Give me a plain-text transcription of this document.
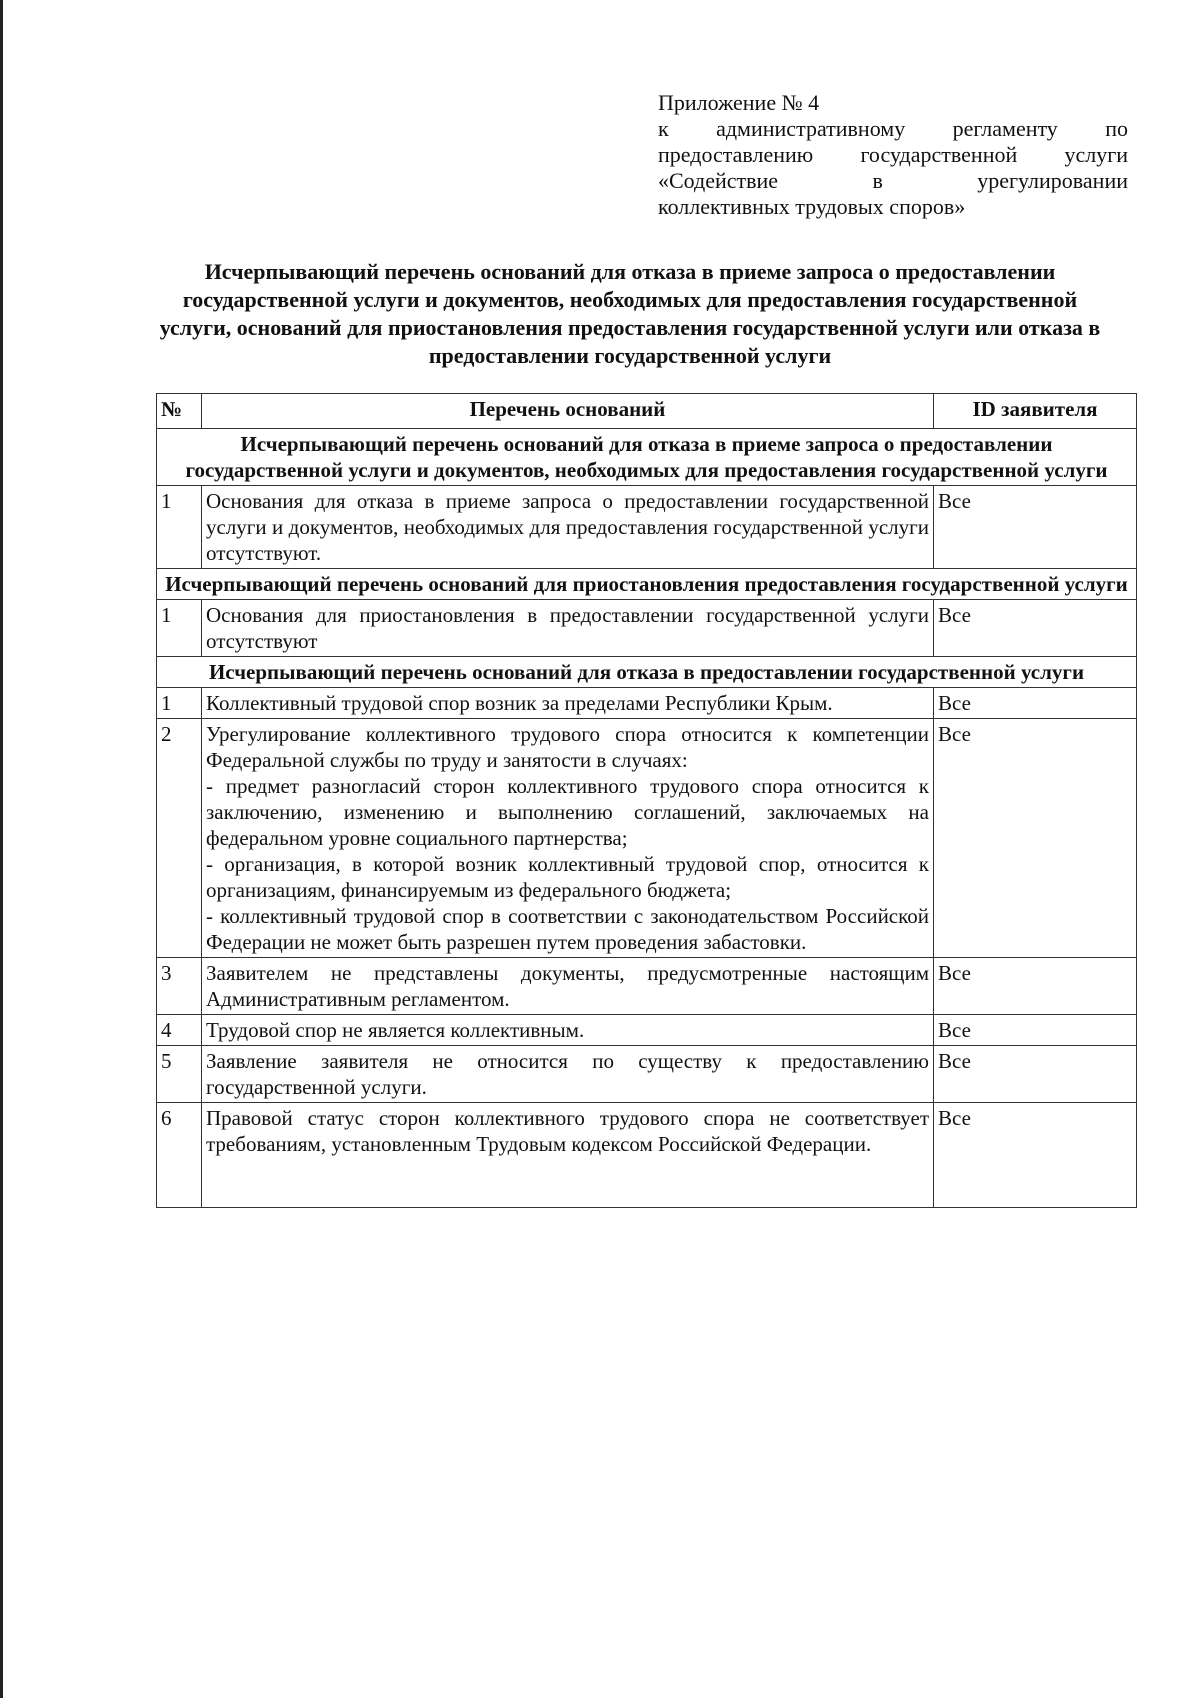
Приложение № 4
к административному регламенту по
предоставлению государственной услуги
«Содействие в урегулировании
коллективных трудовых споров»
Исчерпывающий перечень оснований для отказа в приеме запроса о предоставлении государственной услуги и документов, необходимых для предоставления государственной услуги, оснований для приостановления предоставления государственной услуги или отказа в предоставлении государственной услуги
№	Перечень оснований	ID заявителя
Исчерпывающий перечень оснований для отказа в приеме запроса о предоставлении государственной услуги и документов, необходимых для предоставления государственной услуги		
1	Основания для отказа в приеме запроса о предоставлении государственной услуги и документов, необходимых для предоставления государственной услуги отсутствуют.	Все
Исчерпывающий перечень оснований для приостановления предоставления государственной услуги		
1	Основания для приостановления в предоставлении государственной услуги отсутствуют	Все
Исчерпывающий перечень оснований для отказа в предоставлении государственной услуги		
1	Коллективный трудовой спор возник за пределами Республики Крым.	Все
2	Урегулирование коллективного трудового спора относится к компетенции Федеральной службы по труду и занятости в случаях:
- предмет разногласий сторон коллективного трудового спора относится к заключению, изменению и выполнению соглашений, заключаемых на федеральном уровне социального партнерства;
- организация, в которой возник коллективный трудовой спор, относится к организациям, финансируемым из федерального бюджета;
- коллективный трудовой спор в соответствии с законодательством Российской Федерации не может быть разрешен путем проведения забастовки.	Все
3	Заявителем не представлены документы, предусмотренные настоящим Административным регламентом.	Все
4	Трудовой спор не является коллективным.	Все
5	Заявление заявителя не относится по существу к предоставлению государственной услуги.	Все
6	Правовой статус сторон коллективного трудового спора не соответствует требованиям, установленным Трудовым кодексом Российской Федерации.	Все
